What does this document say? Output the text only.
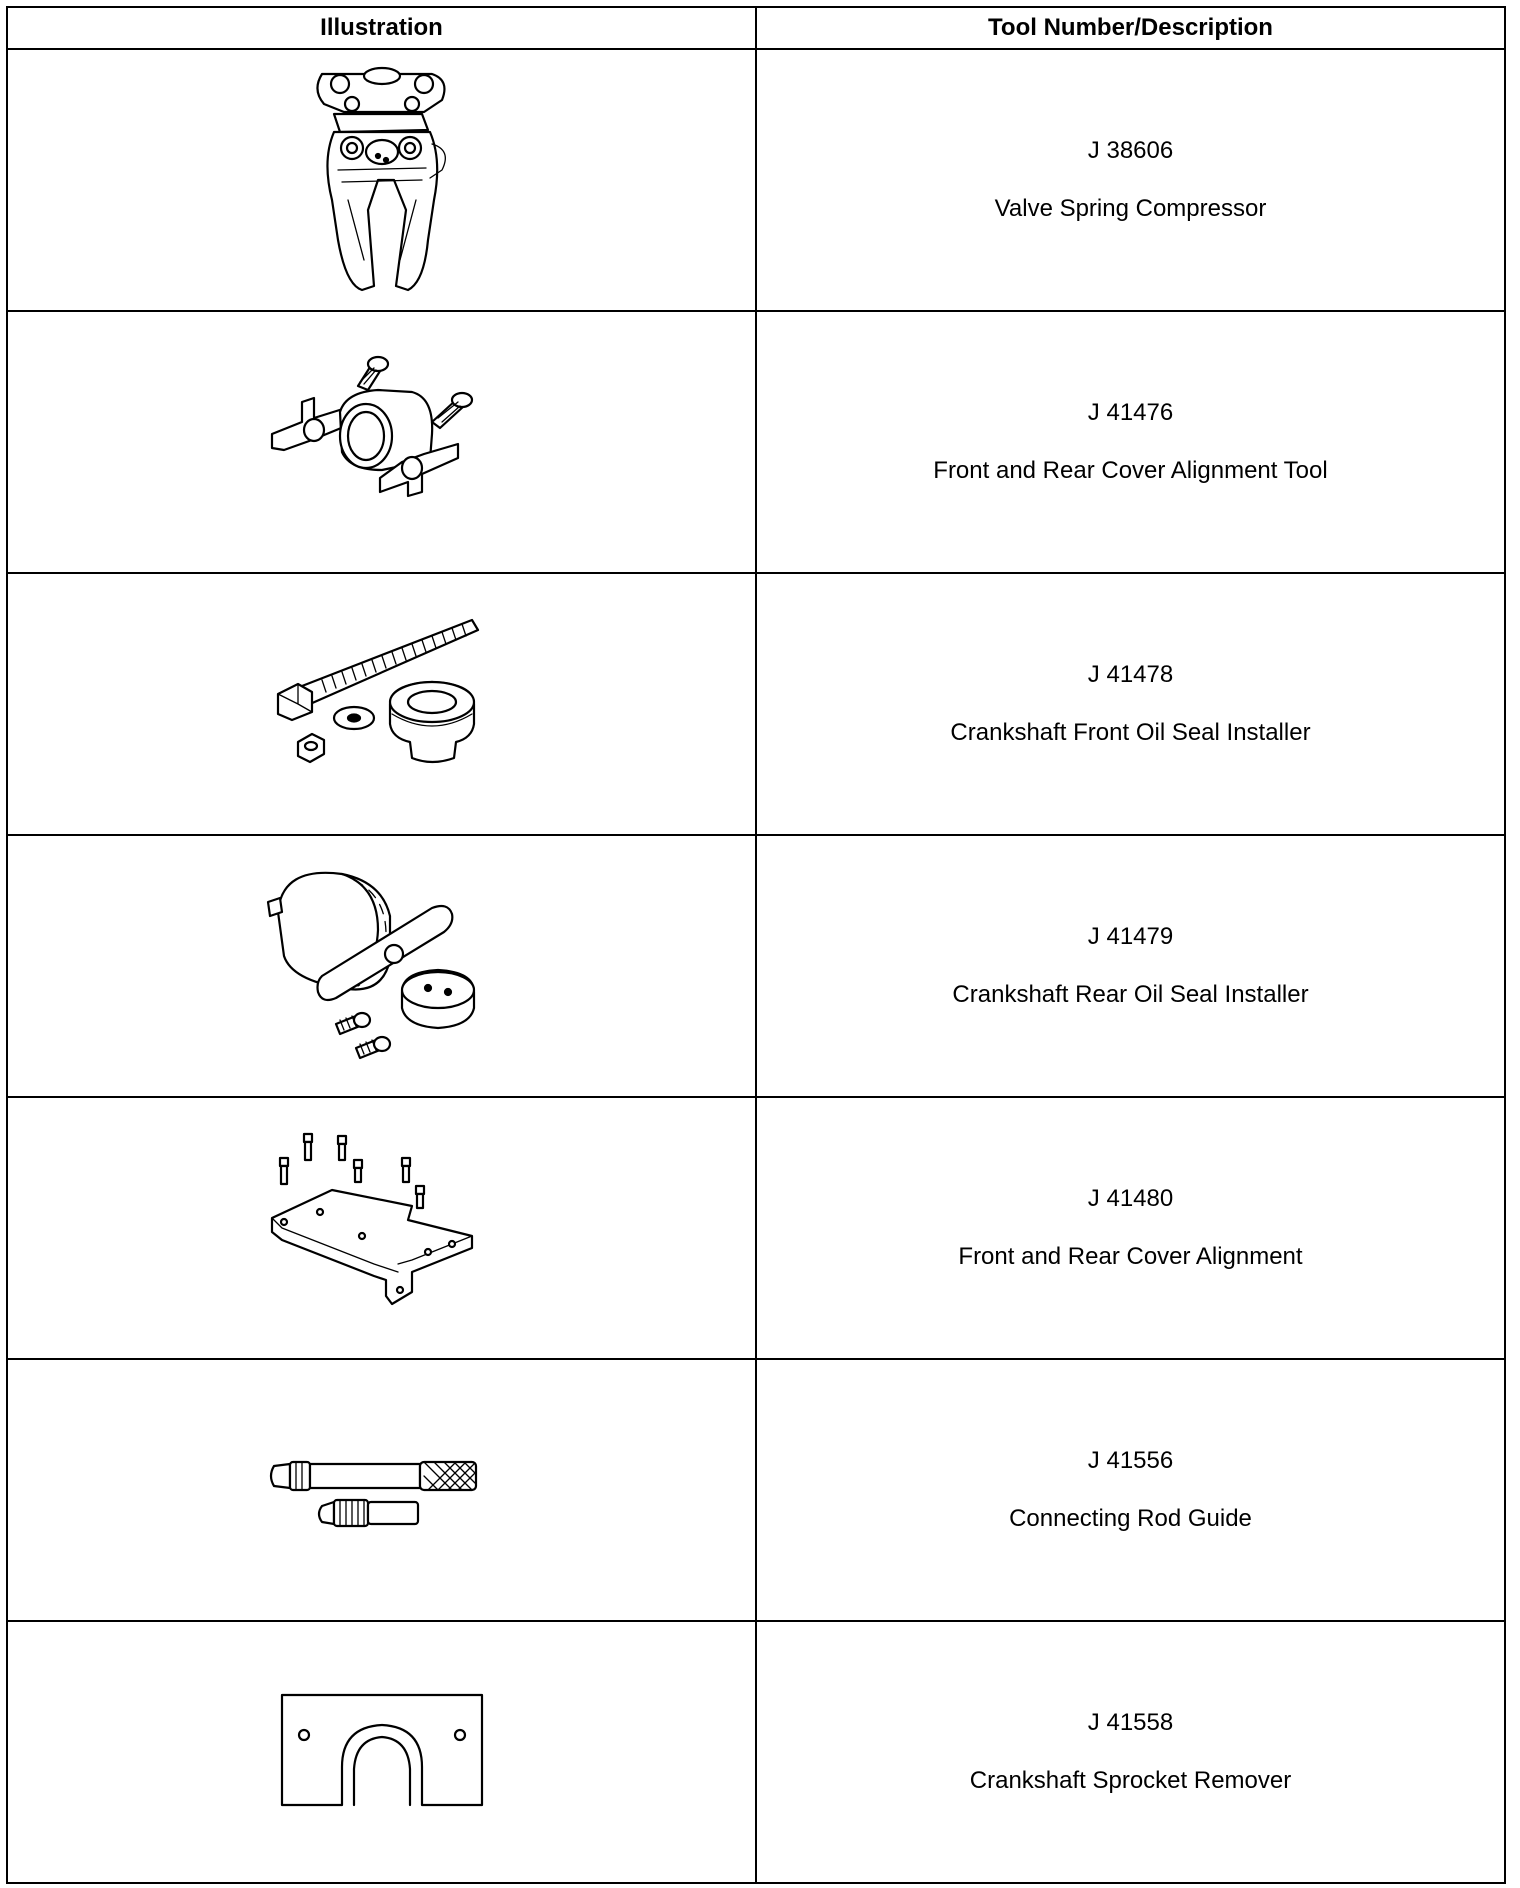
Illustration	Tool Number/Description

J 38606
Valve Spring Compressor

J 41476
Front and Rear Cover Alignment Tool

J 41478
Crankshaft Front Oil Seal Installer

J 41479
Crankshaft Rear Oil Seal Installer

J 41480
Front and Rear Cover Alignment

J 41556
Connecting Rod Guide

J 41558
Crankshaft Sprocket Remover
